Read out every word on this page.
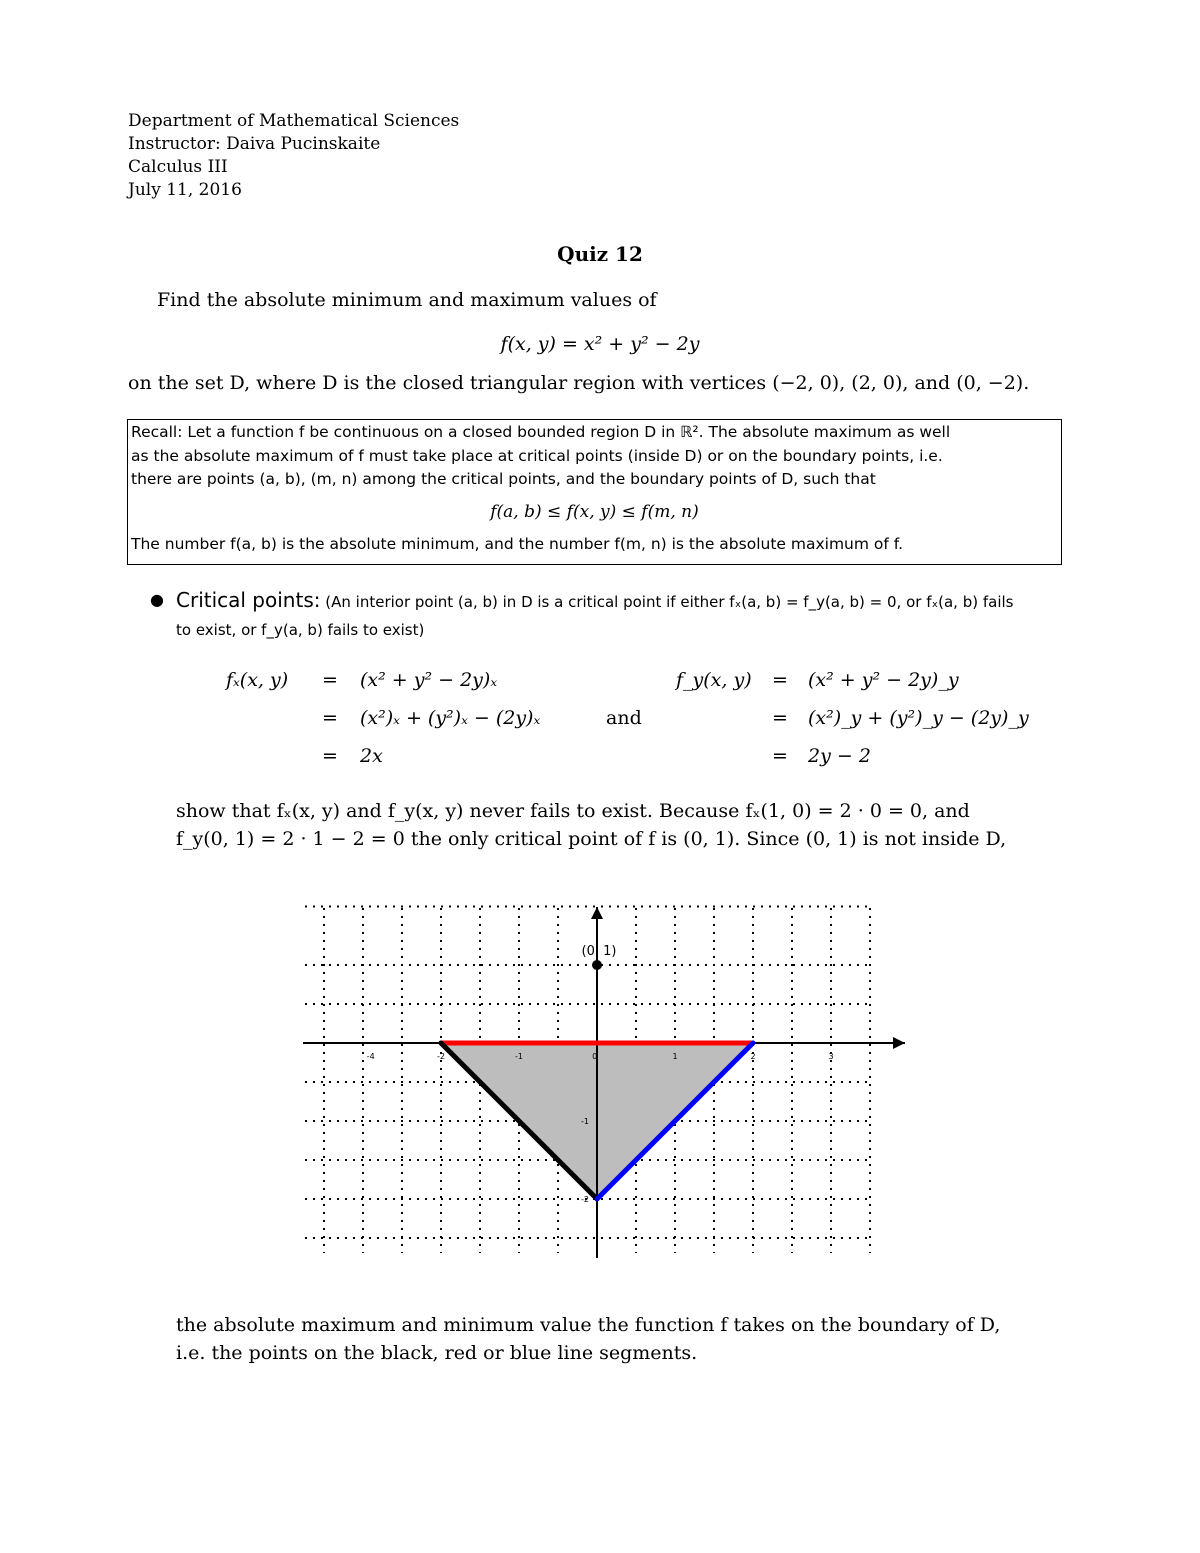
Department of Mathematical Sciences
Instructor: Daiva Pucinskaite
Calculus III
July 11, 2016
Quiz 12
Find the absolute minimum and maximum values of
f(x, y) = x² + y² − 2y
on the set D, where D is the closed triangular region with vertices (−2, 0), (2, 0), and (0, −2).

Recall: Let a function f be continuous on a closed bounded region D in ℝ². The absolute maximum as well

as the absolute maximum of f must take place at critical points (inside D) or on the boundary points, i.e.

there are points (a, b), (m, n) among the critical points, and the boundary points of D, such that

f(a, b) ≤ f(x, y) ≤ f(m, n)

The number f(a, b) is the absolute minimum, and the number f(m, n) is the absolute maximum of f.

● Critical points: (An interior point (a, b) in D is a critical point if either fₓ(a, b) = f_y(a, b) = 0, or fₓ(a, b) fails
to exist, or f_y(a, b) fails to exist)
fₓ(x, y) = (x² + y² − 2y)ₓ
= (x²)ₓ + (y²)ₓ − (2y)ₓ
= 2x
and
f_y(x, y) = (x² + y² − 2y)_y
= (x²)_y + (y²)_y − (2y)_y
= 2y − 2
show that fₓ(x, y) and f_y(x, y) never fails to exist. Because fₓ(1, 0) = 2 · 0 = 0, and
f_y(0, 1) = 2 · 1 − 2 = 0 the only critical point of f is (0, 1). Since (0, 1) is not inside D,
-4	-2	-1	0	1	2	3
-1
-2
(0, 1)
the absolute maximum and minimum value the function f takes on the boundary of D,
i.e. the points on the black, red or blue line segments.
